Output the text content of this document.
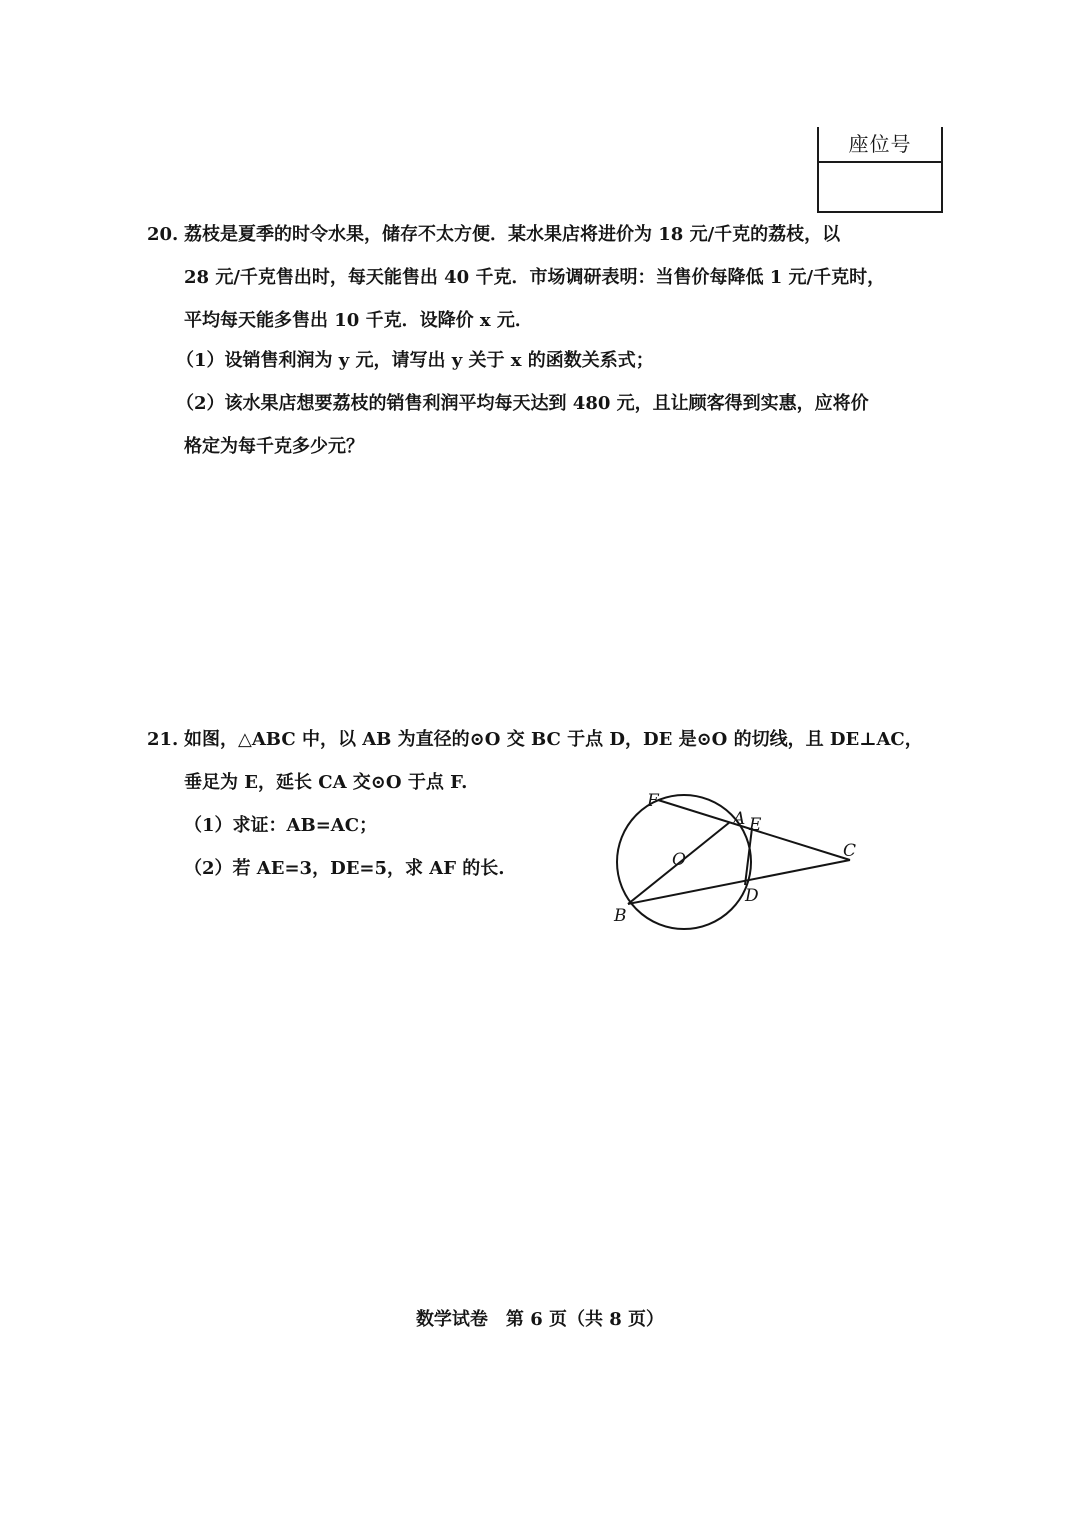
座位号
20. 荔枝是夏季的时令水果，储存不太方便．某水果店将进价为 18 元/千克的荔枝，以
28 元/千克售出时，每天能售出 40 千克．市场调研表明：当售价每降低 1 元/千克时，
平均每天能多售出 10 千克．设降价 x 元．
（1）设销售利润为 y 元，请写出 y 关于 x 的函数关系式；
（2）该水果店想要荔枝的销售利润平均每天达到 480 元，且让顾客得到实惠，应将价
格定为每千克多少元？
21. 如图，△ABC 中，以 AB 为直径的⊙O 交 BC 于点 D，DE 是⊙O 的切线，且 DE⊥AC，
垂足为 E，延长 CA 交⊙O 于点 F.
（1）求证：AB=AC；
（2）若 AE=3，DE=5，求 AF 的长.
F
A E
O	C
D
B
数学试卷　第 6 页（共 8 页）
